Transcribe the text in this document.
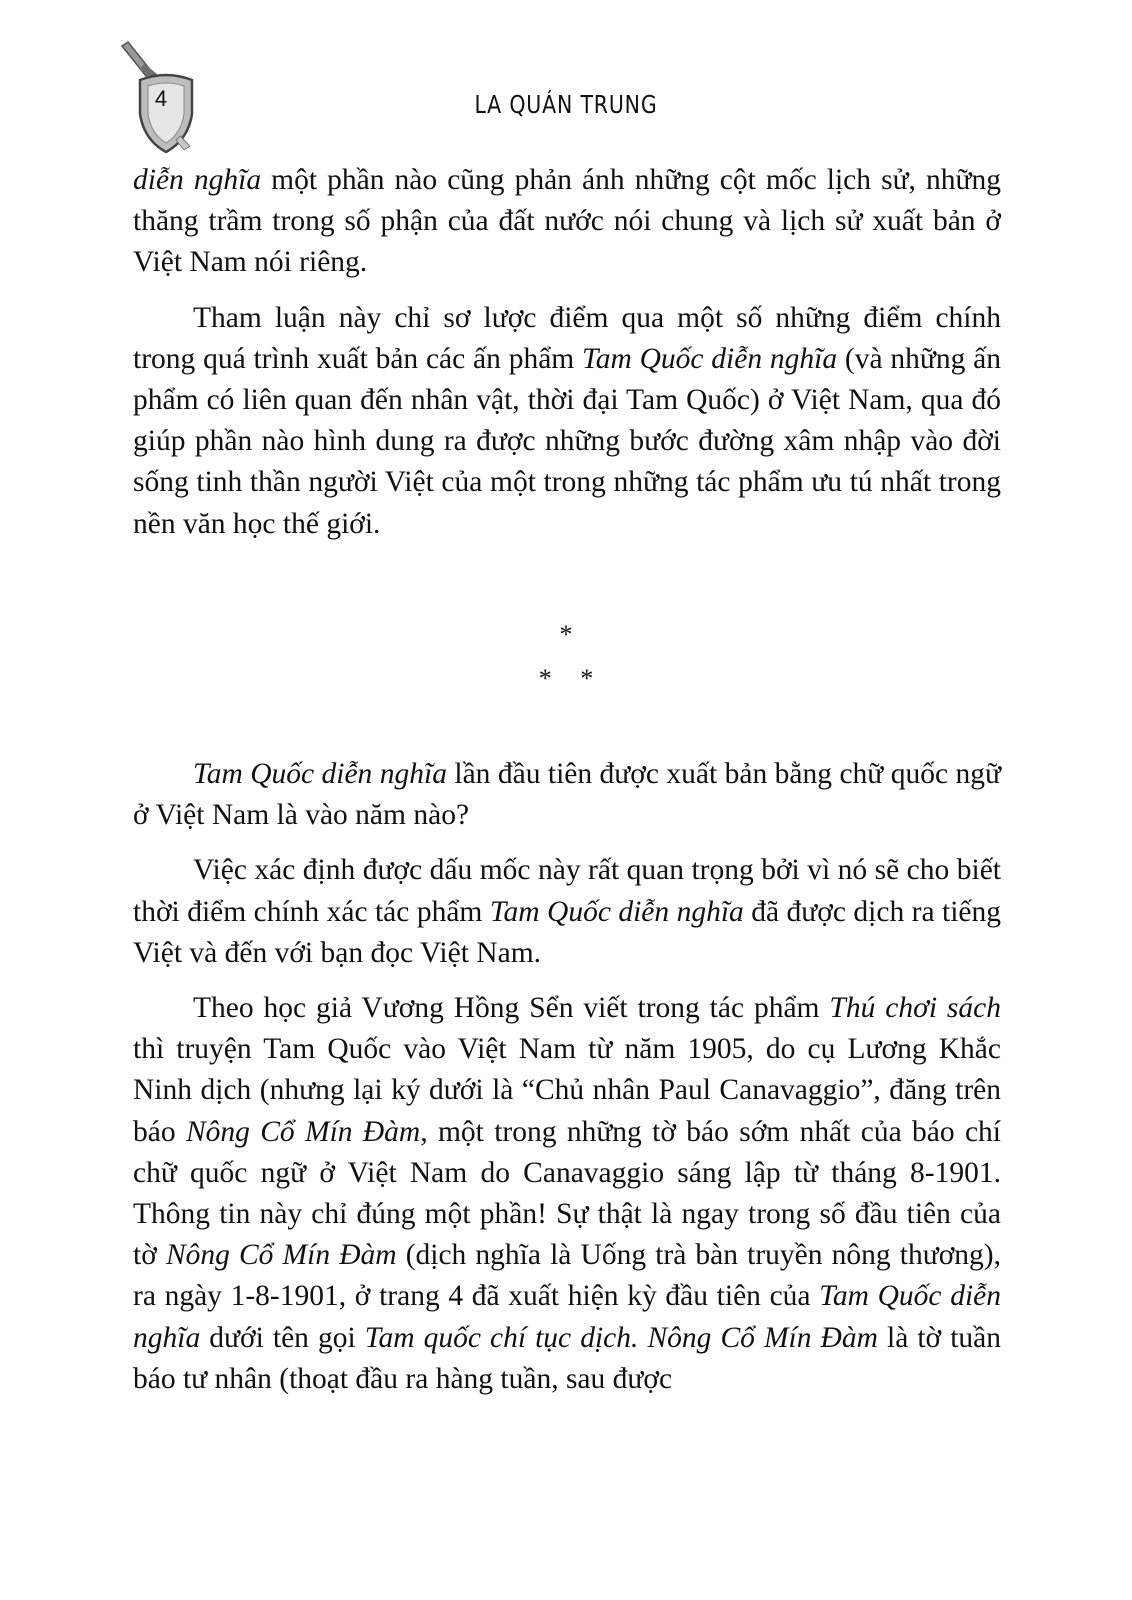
4	LA QUÁN TRUNG

diễn nghĩa một phần nào cũng phản ánh những cột mốc lịch sử, những thăng trầm trong số phận của đất nước nói chung và lịch sử xuất bản ở Việt Nam nói riêng.

Tham luận này chỉ sơ lược điểm qua một số những điểm chính trong quá trình xuất bản các ấn phẩm Tam Quốc diễn nghĩa (và những ấn phẩm có liên quan đến nhân vật, thời đại Tam Quốc) ở Việt Nam, qua đó giúp phần nào hình dung ra được những bước đường xâm nhập vào đời sống tinh thần người Việt của một trong những tác phẩm ưu tú nhất trong nền văn học thế giới.

*
* *

Tam Quốc diễn nghĩa lần đầu tiên được xuất bản bằng chữ quốc ngữ ở Việt Nam là vào năm nào?

Việc xác định được dấu mốc này rất quan trọng bởi vì nó sẽ cho biết thời điểm chính xác tác phẩm Tam Quốc diễn nghĩa đã được dịch ra tiếng Việt và đến với bạn đọc Việt Nam.

Theo học giả Vương Hồng Sển viết trong tác phẩm Thú chơi sách thì truyện Tam Quốc vào Việt Nam từ năm 1905, do cụ Lương Khắc Ninh dịch (nhưng lại ký dưới là “Chủ nhân Paul Canavaggio”, đăng trên báo Nông Cổ Mín Đàm, một trong những tờ báo sớm nhất của báo chí chữ quốc ngữ ở Việt Nam do Canavaggio sáng lập từ tháng 8-1901. Thông tin này chỉ đúng một phần! Sự thật là ngay trong số đầu tiên của tờ Nông Cổ Mín Đàm (dịch nghĩa là Uống trà bàn truyền nông thương), ra ngày 1-8-1901, ở trang 4 đã xuất hiện kỳ đầu tiên của Tam Quốc diễn nghĩa dưới tên gọi Tam quốc chí tục dịch. Nông Cổ Mín Đàm là tờ tuần báo tư nhân (thoạt đầu ra hàng tuần, sau được
